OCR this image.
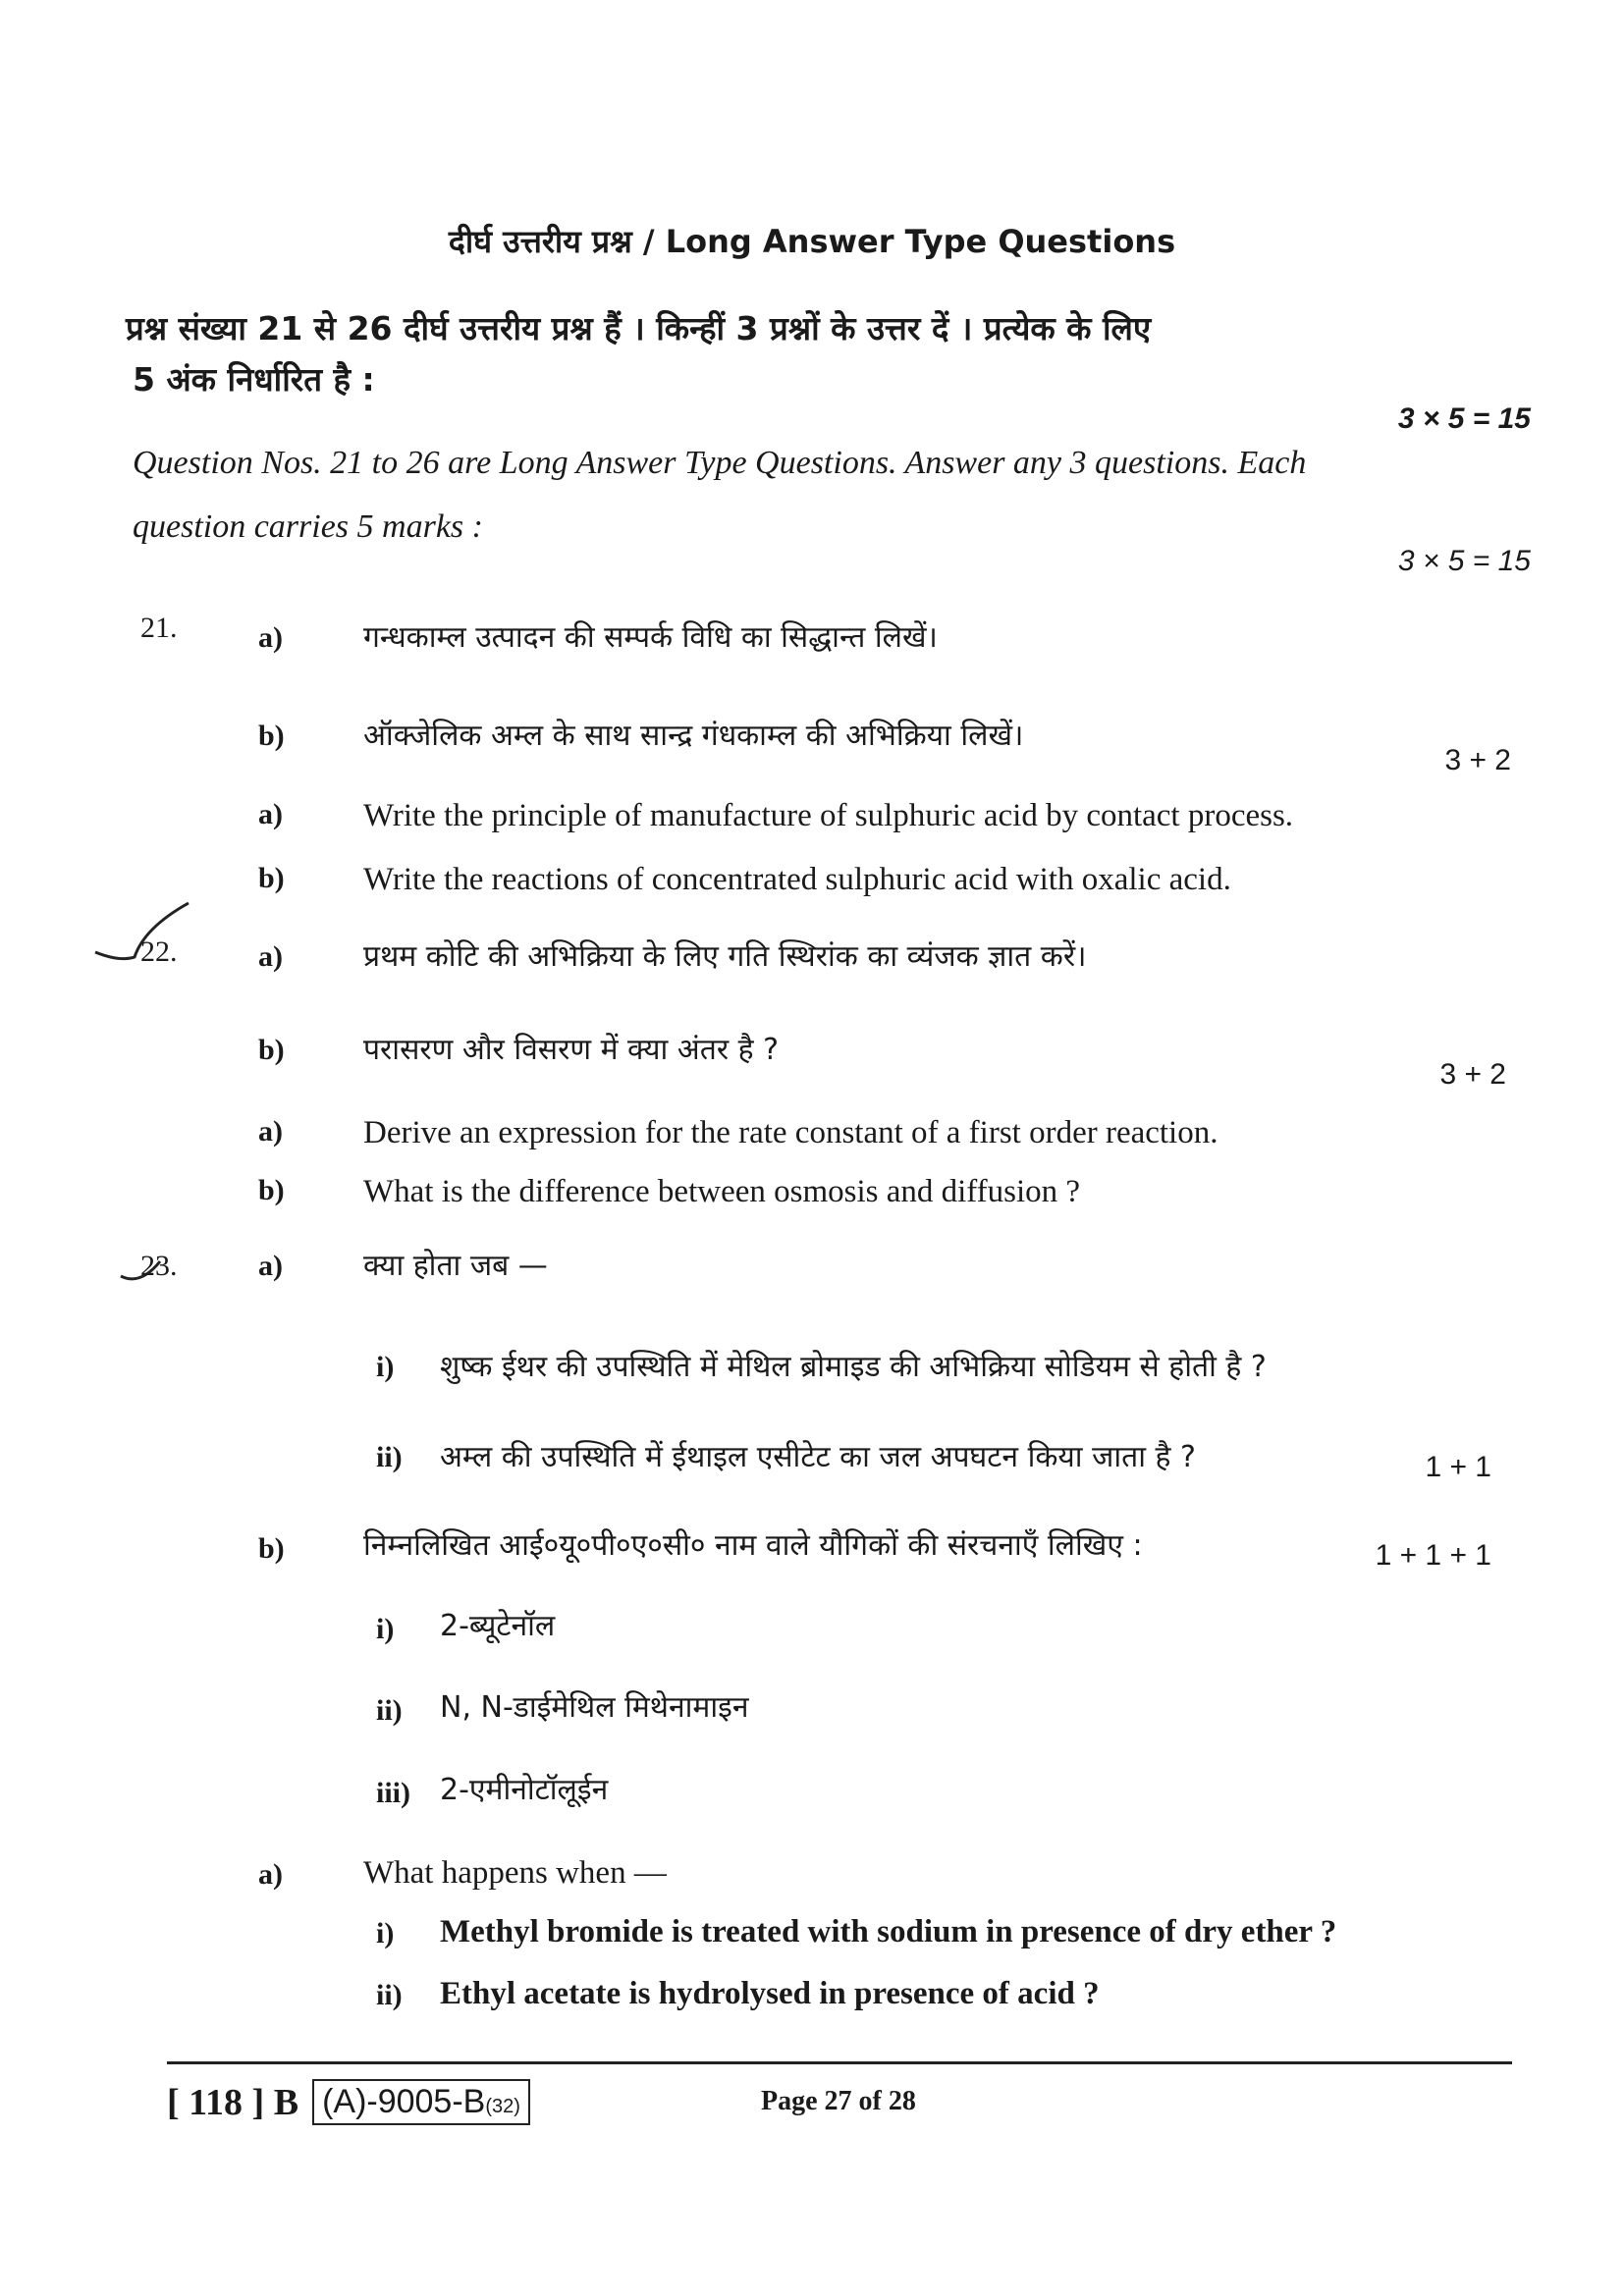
दीर्घ उत्तरीय प्रश्न / Long Answer Type Questions
प्रश्न संख्या 21 से 26 दीर्घ उत्तरीय प्रश्न हैं । किन्हीं 3 प्रश्नों के उत्तर दें । प्रत्येक के लिए
5 अंक निर्धारित है :
3 × 5 = 15
Question Nos. 21 to 26 are Long Answer Type Questions. Answer any 3 questions. Each
question carries 5 marks :
3 × 5 = 15
21.	a)	गन्धकाम्ल उत्पादन की सम्पर्क विधि का सिद्धान्त लिखें।
b)	ऑक्जेलिक अम्ल के साथ सान्द्र गंधकाम्ल की अभिक्रिया लिखें।
3 + 2
a) Write the principle of manufacture of sulphuric acid by contact process.
b) Write the reactions of concentrated sulphuric acid with oxalic acid.
22.	a)	प्रथम कोटि की अभिक्रिया के लिए गति स्थिरांक का व्यंजक ज्ञात करें।
b)	परासरण और विसरण में क्या अंतर है ?
3 + 2
a) Derive an expression for the rate constant of a first order reaction.
b) What is the difference between osmosis and diffusion ?
23.	a)	क्या होता जब —
i) शुष्क ईथर की उपस्थिति में मेथिल ब्रोमाइड की अभिक्रिया सोडियम से होती है ?
ii) अम्ल की उपस्थिति में ईथाइल एसीटेट का जल अपघटन किया जाता है ?	1 + 1
b)	निम्नलिखित आई०यू०पी०ए०सी० नाम वाले यौगिकों की संरचनाएँ लिखिए :	1 + 1 + 1
i) 2-ब्यूटेनॉल
ii) N, N-डाईमेथिल मिथेनामाइन
iii) 2-एमीनोटॉलूईन
a) What happens when —
i) Methyl bromide is treated with sodium in presence of dry ether ?
ii) Ethyl acetate is hydrolysed in presence of acid ?
[ 118 ] B (A)-9005-B(32)	Page 27 of 28
